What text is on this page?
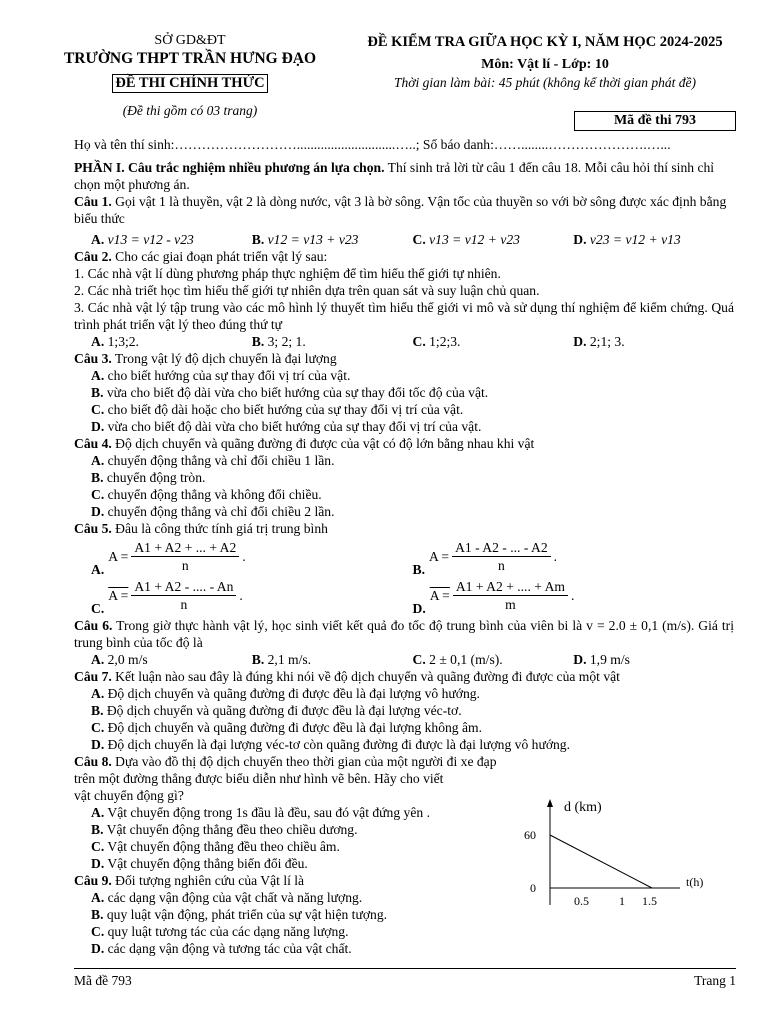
SỞ GD&ĐT
TRƯỜNG THPT TRẦN HƯNG ĐẠO
ĐỀ THI CHÍNH THỨC
(Đề thi gồm có 03 trang)
ĐỀ KIỂM TRA GIỮA HỌC KỲ I, NĂM HỌC 2024-2025
Môn: Vật lí - Lớp: 10
Thời gian làm bài: 45 phút (không kể thời gian phát đề)
Mã đề thi 793

Họ và tên thí sinh:……………………….............................…..; Số báo danh:……........………………….…...

PHẦN I. Câu trắc nghiệm nhiều phương án lựa chọn. Thí sinh trả lời từ câu 1 đến câu 18. Mỗi câu hỏi thí sinh chỉ chọn một phương án.

Câu 1. Gọi vật 1 là thuyền, vật 2 là dòng nước, vật 3 là bờ sông. Vận tốc của thuyền so với bờ sông được xác định bằng biểu thức

A. v13 = v12 - v23	B. v12 = v13 + v23	C. v13 = v12 + v23	D. v23 = v12 + v13

Câu 2. Cho các giai đoạn phát triển vật lý sau:

1. Các nhà vật lí dùng phương pháp thực nghiệm để tìm hiểu thế giới tự nhiên.

2. Các nhà triết học tìm hiểu thế giới tự nhiên dựa trên quan sát và suy luận chủ quan.

3. Các nhà vật lý tập trung vào các mô hình lý thuyết tìm hiểu thế giới vi mô và sử dụng thí nghiệm để kiểm chứng. Quá trình phát triển vật lý theo đúng thứ tự

A. 1;3;2.	B. 3; 2; 1.	C. 1;2;3.	D. 2;1; 3.

Câu 3. Trong vật lý độ dịch chuyển là đại lượng

A. cho biết hướng của sự thay đổi vị trí của vật.

B. vừa cho biết độ dài vừa cho biết hướng của sự thay đổi tốc độ của vật.

C. cho biết độ dài hoặc cho biết hướng của sự thay đổi vị trí của vật.

D. vừa cho biết độ dài vừa cho biết hướng của sự thay đổi vị trí của vật.

Câu 4. Độ dịch chuyển và quãng đường đi được của vật có độ lớn bằng nhau khi vật

A. chuyển động thẳng và chỉ đổi chiều 1 lần.

B. chuyển động tròn.

C. chuyển động thẳng và không đổi chiều.

D. chuyển động thẳng và chỉ đổi chiều 2 lần.

Câu 5. Đâu là công thức tính giá trị trung bình

A.
$A = \frac{A1 + A2 + ... + A2}{n}$ .
B.
$A = \frac{A1 - A2 - ... - A2}{n}$ .
C.
$A = \frac{A1 + A2 - .... - An}{n}$ .
D.
$A = \frac{A1 + A2 + .... + Am}{m}$ .

Câu 6. Trong giờ thực hành vật lý, học sinh viết kết quả đo tốc độ trung bình của viên bi là v = 2.0 ± 0,1 (m/s). Giá trị trung bình của tốc độ là

A. 2,0 m/s	B. 2,1 m/s.	C. 2 ± 0,1 (m/s).	D. 1,9 m/s

Câu 7. Kết luận nào sau đây là đúng khi nói về độ dịch chuyển và quãng đường đi được của một vật

A. Độ dịch chuyển và quãng đường đi được đều là đại lượng vô hướng.

B. Độ dịch chuyển và quãng đường đi được đều là đại lượng véc-tơ.

C. Độ dịch chuyển và quãng đường đi được đều là đại lượng không âm.

D. Độ dịch chuyển là đại lượng véc-tơ còn quãng đường đi được là đại lượng vô hướng.

Câu 8. Dựa vào đồ thị độ dịch chuyển theo thời gian của một người đi xe đạp

trên một đường thẳng được biểu diễn như hình vẽ bên. Hãy cho viết

vật chuyển động gì?

A. Vật chuyển động trong 1s đầu là đều, sau đó vật đứng yên .

B. Vật chuyển động thẳng đều theo chiều dương.

C. Vật chuyển động thẳng đều theo chiều âm.

D. Vật chuyển động thẳng biến đổi đều.

Câu 9. Đối tượng nghiên cứu của Vật lí là

A. các dạng vận động của vật chất và năng lượng.

B. quy luật vận động, phát triển của sự vật hiện tượng.

C. quy luật tương tác của các dạng năng lượng.

D. các dạng vận động và tương tác của vật chất.

d (km)
60
0	t(h)
0.5	1 1.5
Mã đề 793	Trang 1
